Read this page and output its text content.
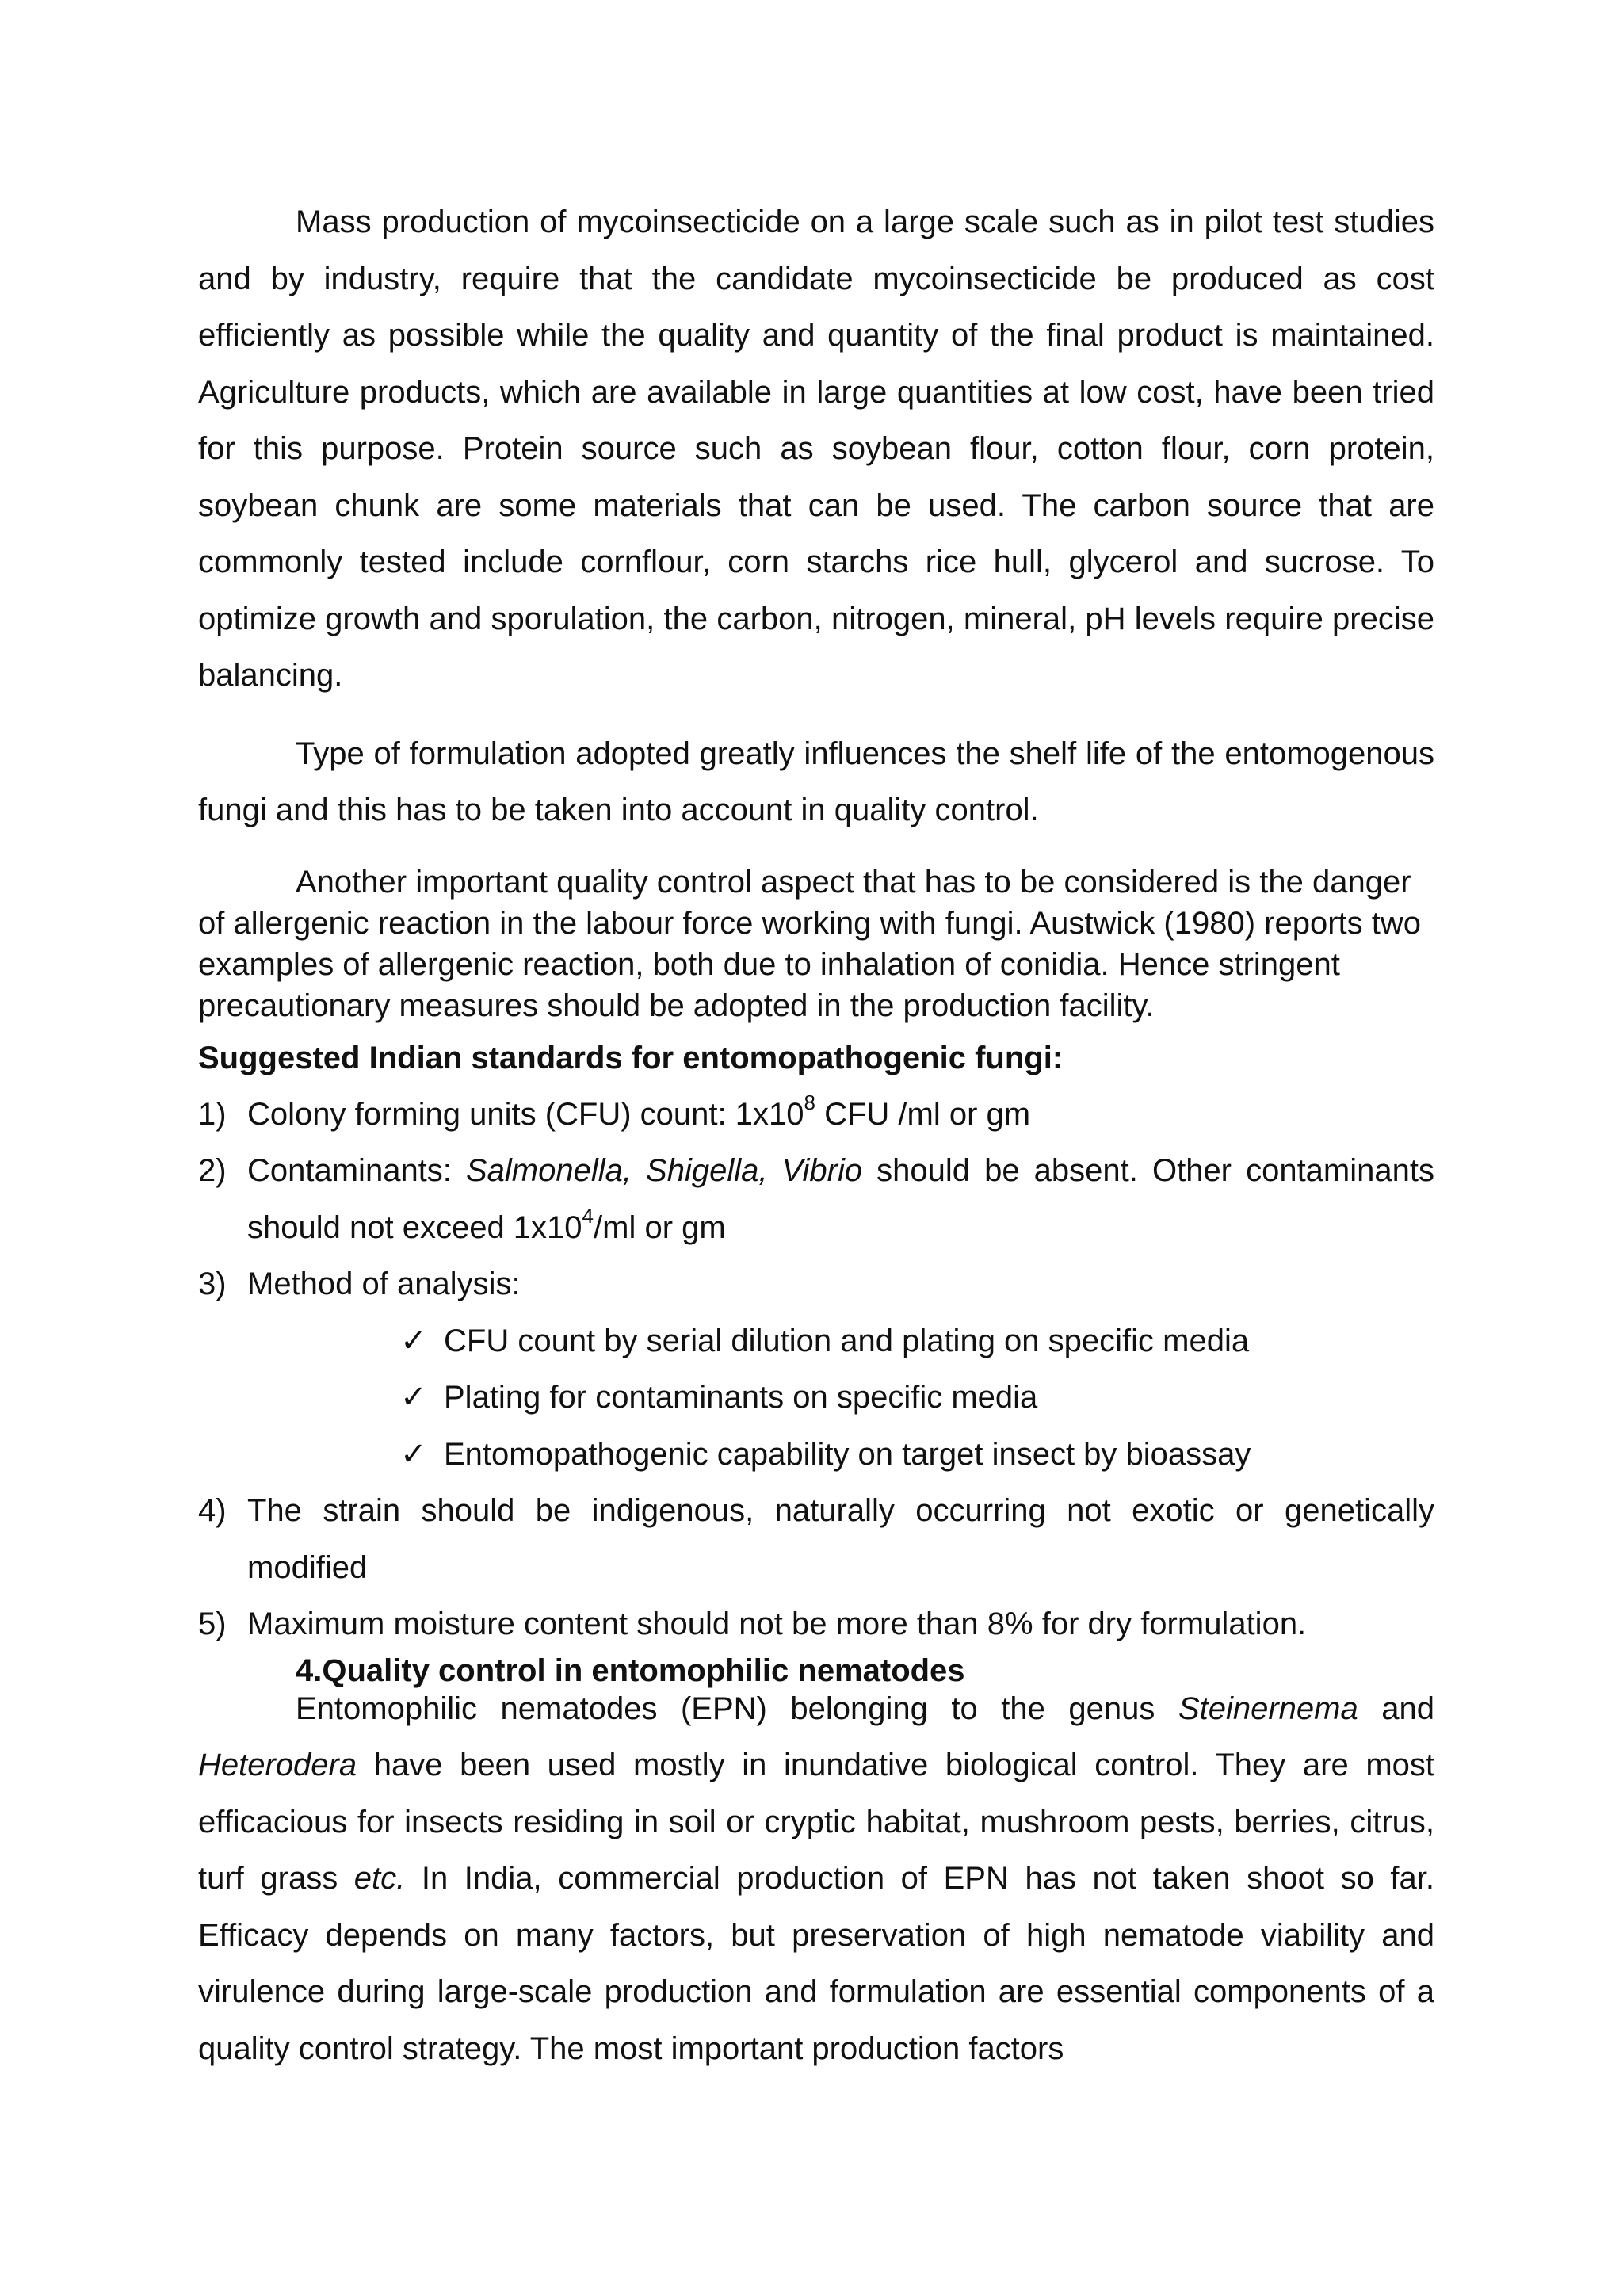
Mass production of mycoinsecticide on a large scale such as in pilot test studies and by industry, require that the candidate mycoinsecticide be produced as cost efficiently as possible while the quality and quantity of the final product is maintained. Agriculture products, which are available in large quantities at low cost, have been tried for this purpose. Protein source such as soybean flour, cotton flour, corn protein, soybean chunk are some materials that can be used. The carbon source that are commonly tested include cornflour, corn starchs rice hull, glycerol and sucrose. To optimize growth and sporulation, the carbon, nitrogen, mineral, pH levels require precise balancing.

Type of formulation adopted greatly influences the shelf life of the entomogenous fungi and this has to be taken into account in quality control.

Another important quality control aspect that has to be considered is the danger of allergenic reaction in the labour force working with fungi. Austwick (1980) reports two examples of allergenic reaction, both due to inhalation of conidia. Hence stringent precautionary measures should be adopted in the production facility.

Suggested Indian standards for entomopathogenic fungi:
1) Colony forming units (CFU) count: $1x10^8$ CFU /ml or gm
2) Contaminants: Salmonella, Shigella, Vibrio should be absent. Other contaminants should not exceed $1x10^4/ml$ or gm
3) Method of analysis:
✓ CFU count by serial dilution and plating on specific media
✓ Plating for contaminants on specific media
✓ Entomopathogenic capability on target insect by bioassay
4) The strain should be indigenous, naturally occurring not exotic or genetically modified
5) Maximum moisture content should not be more than 8% for dry formulation.
4.Quality control in entomophilic nematodes

Entomophilic nematodes (EPN) belonging to the genus Steinernema and Heterodera have been used mostly in inundative biological control. They are most efficacious for insects residing in soil or cryptic habitat, mushroom pests, berries, citrus, turf grass etc. In India, commercial production of EPN has not taken shoot so far. Efficacy depends on many factors, but preservation of high nematode viability and virulence during large-scale production and formulation are essential components of a quality control strategy. The most important production factors
